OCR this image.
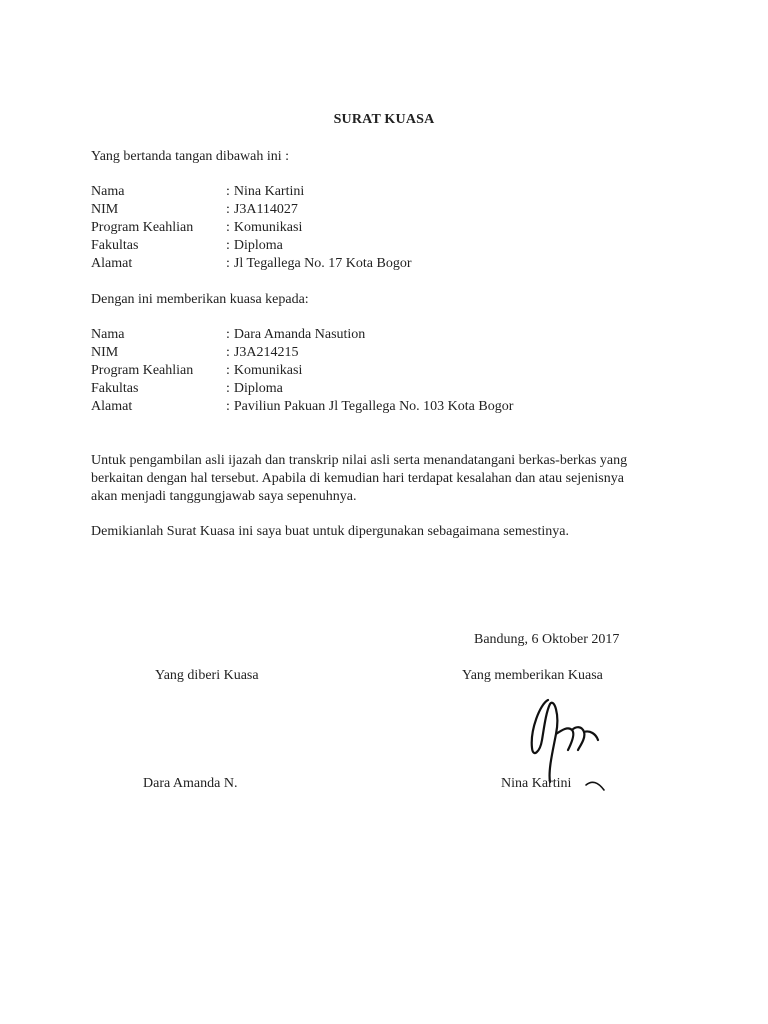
SURAT KUASA
Yang bertanda tangan dibawah ini :
Nama	: Nina Kartini
NIM	: J3A114027
Program Keahlian	: Komunikasi
Fakultas	: Diploma
Alamat	: Jl Tegallega No. 17 Kota Bogor
Dengan ini memberikan kuasa kepada:
Nama	: Dara Amanda Nasution
NIM	: J3A214215
Program Keahlian	: Komunikasi
Fakultas	: Diploma
Alamat	: Paviliun Pakuan Jl Tegallega No. 103 Kota Bogor
Untuk pengambilan asli ijazah dan transkrip nilai asli serta menandatangani berkas-berkas yang
berkaitan dengan hal tersebut. Apabila di kemudian hari terdapat kesalahan dan atau sejenisnya
akan menjadi tanggungjawab saya sepenuhnya.
Demikianlah Surat Kuasa ini saya buat untuk dipergunakan sebagaimana semestinya.
Bandung, 6 Oktober 2017
Yang diberi Kuasa	Yang memberikan Kuasa
Dara Amanda N.	Nina Kartini
